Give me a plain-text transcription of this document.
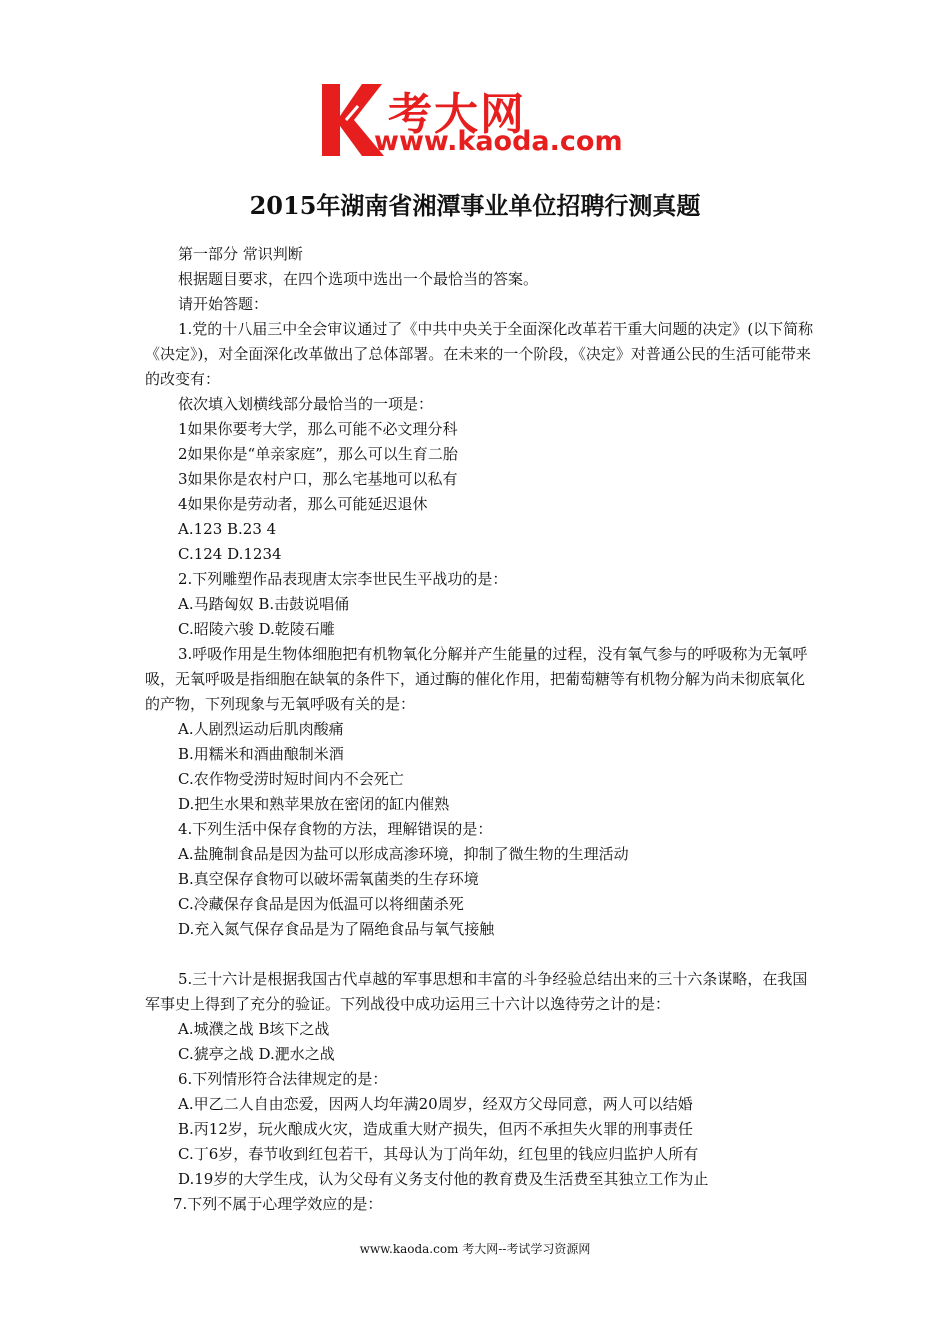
考大网
www.kaoda.com
2015年湖南省湘潭事业单位招聘行测真题

第一部分 常识判断

根据题目要求，在四个选项中选出一个最恰当的答案。

请开始答题：

1.党的十八届三中全会审议通过了《中共中央关于全面深化改革若干重大问题的决定》(以下简称《决定》)，对全面深化改革做出了总体部署。在未来的一个阶段，《决定》对普通公民的生活可能带来的改变有：

依次填入划横线部分最恰当的一项是：

1如果你要考大学，那么可能不必文理分科

2如果你是“单亲家庭”，那么可以生育二胎

3如果你是农村户口，那么宅基地可以私有

4如果你是劳动者，那么可能延迟退休

A.123 B.23 4

C.124 D.1234

2.下列雕塑作品表现唐太宗李世民生平战功的是：

A.马踏匈奴 B.击鼓说唱俑

C.昭陵六骏 D.乾陵石雕

3.呼吸作用是生物体细胞把有机物氧化分解并产生能量的过程，没有氧气参与的呼吸称为无氧呼吸，无氧呼吸是指细胞在缺氧的条件下，通过酶的催化作用，把葡萄糖等有机物分解为尚未彻底氧化的产物，下列现象与无氧呼吸有关的是：

A.人剧烈运动后肌肉酸痛

B.用糯米和酒曲酿制米酒

C.农作物受涝时短时间内不会死亡

D.把生水果和熟苹果放在密闭的缸内催熟

4.下列生活中保存食物的方法，理解错误的是：

A.盐腌制食品是因为盐可以形成高渗环境，抑制了微生物的生理活动

B.真空保存食物可以破坏需氧菌类的生存环境

C.冷藏保存食品是因为低温可以将细菌杀死

D.充入氮气保存食品是为了隔绝食品与氧气接触

5.三十六计是根据我国古代卓越的军事思想和丰富的斗争经验总结出来的三十六条谋略，在我国军事史上得到了充分的验证。下列战役中成功运用三十六计以逸待劳之计的是：

A.城濮之战 B垓下之战

C.猇亭之战 D.淝水之战

6.下列情形符合法律规定的是：

A.甲乙二人自由恋爱，因两人均年满20周岁，经双方父母同意，两人可以结婚

B.丙12岁，玩火酿成火灾，造成重大财产损失，但丙不承担失火罪的刑事责任

C.丁6岁，春节收到红包若干，其母认为丁尚年幼，红包里的钱应归监护人所有

D.19岁的大学生戌，认为父母有义务支付他的教育费及生活费至其独立工作为止

7.下列不属于心理学效应的是：

www.kaoda.com 考大网--考试学习资源网
